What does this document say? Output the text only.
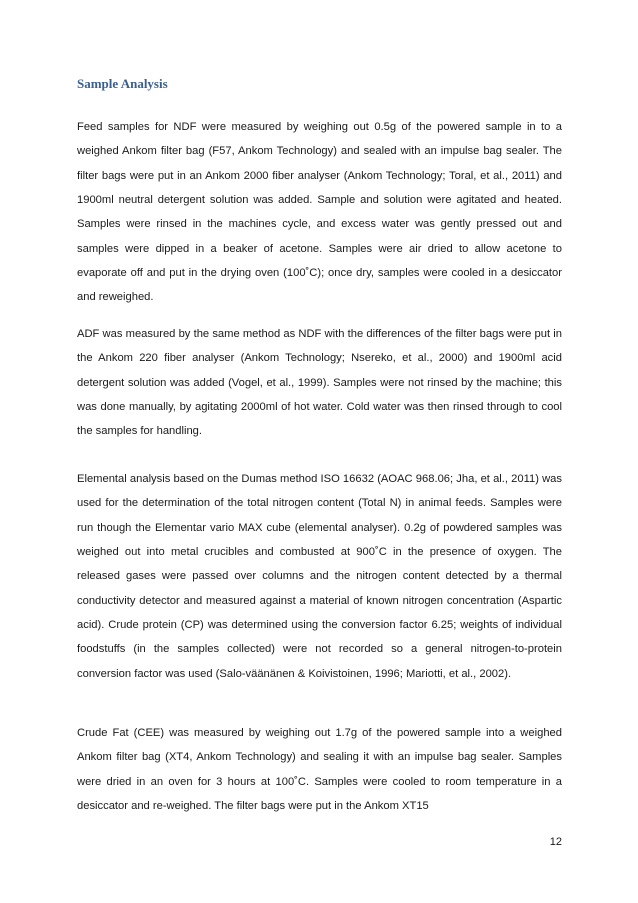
Sample Analysis

Feed samples for NDF were measured by weighing out 0.5g of the powered sample in to a weighed Ankom filter bag (F57, Ankom Technology) and sealed with an impulse bag sealer. The filter bags were put in an Ankom 2000 fiber analyser (Ankom Technology; Toral, et al., 2011) and 1900ml neutral detergent solution was added. Sample and solution were agitated and heated. Samples were rinsed in the machines cycle, and excess water was gently pressed out and samples were dipped in a beaker of acetone. Samples were air dried to allow acetone to evaporate off and put in the drying oven (100˚C); once dry, samples were cooled in a desiccator and reweighed.

ADF was measured by the same method as NDF with the differences of the filter bags were put in the Ankom 220 fiber analyser (Ankom Technology; Nsereko, et al., 2000) and 1900ml acid detergent solution was added (Vogel, et al., 1999). Samples were not rinsed by the machine; this was done manually, by agitating 2000ml of hot water. Cold water was then rinsed through to cool the samples for handling.

Elemental analysis based on the Dumas method ISO 16632 (AOAC 968.06; Jha, et al., 2011) was used for the determination of the total nitrogen content (Total N) in animal feeds. Samples were run though the Elementar vario MAX cube (elemental analyser). 0.2g of powdered samples was weighed out into metal crucibles and combusted at 900˚C in the presence of oxygen. The released gases were passed over columns and the nitrogen content detected by a thermal conductivity detector and measured against a material of known nitrogen concentration (Aspartic acid). Crude protein (CP) was determined using the conversion factor 6.25; weights of individual foodstuffs (in the samples collected) were not recorded so a general nitrogen-to-protein conversion factor was used (Salo-väänänen & Koivistoinen, 1996; Mariotti, et al., 2002).

Crude Fat (CEE) was measured by weighing out 1.7g of the powered sample into a weighed Ankom filter bag (XT4, Ankom Technology) and sealing it with an impulse bag sealer. Samples were dried in an oven for 3 hours at 100˚C. Samples were cooled to room temperature in a desiccator and re-weighed. The filter bags were put in the Ankom XT15

12
